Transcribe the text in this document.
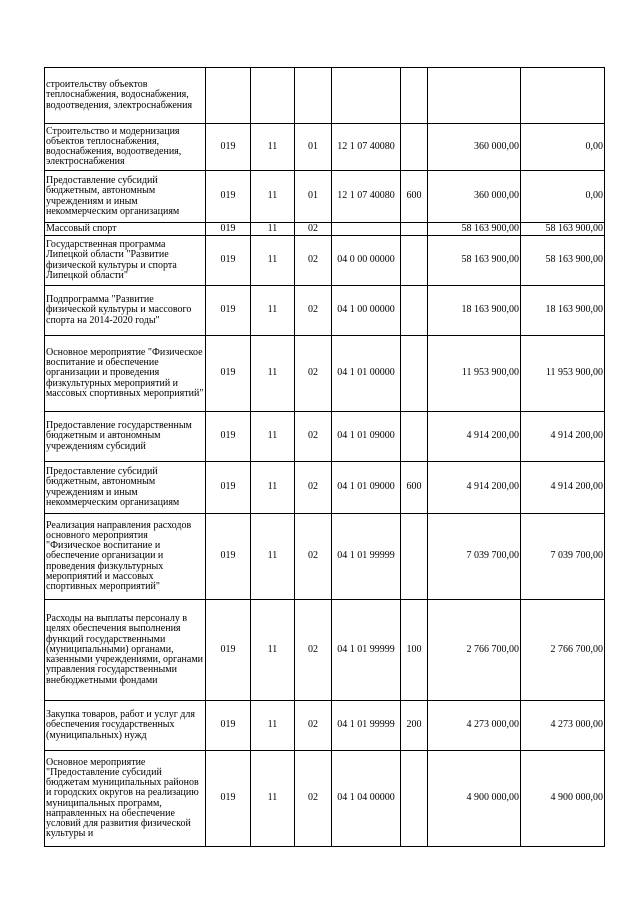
строительству объектов теплоснабжения, водоснабжения, водоотведения, электроснабжения							
Строительство и модернизация объектов теплоснабжения, водоснабжения, водоотведения, электроснабжения	019	11	01	12 1 07 40080		360 000,00	0,00
Предоставление субсидий бюджетным, автономным учреждениям и иным некоммерческим организациям	019	11	01	12 1 07 40080	600	360 000,00	0,00
Массовый спорт	019	11	02			58 163 900,00	58 163 900,00
Государственная программа Липецкой области "Развитие физической культуры и спорта Липецкой области"	019	11	02	04 0 00 00000		58 163 900,00	58 163 900,00
Подпрограмма "Развитие физической культуры и массового спорта на 2014-2020 годы"	019	11	02	04 1 00 00000		18 163 900,00	18 163 900,00
Основное мероприятие "Физическое воспитание и обеспечение организации и проведения физкультурных мероприятий и массовых спортивных мероприятий"	019	11	02	04 1 01 00000		11 953 900,00	11 953 900,00
Предоставление государственным бюджетным и автономным учреждениям субсидий	019	11	02	04 1 01 09000		4 914 200,00	4 914 200,00
Предоставление субсидий бюджетным, автономным учреждениям и иным некоммерческим организациям	019	11	02	04 1 01 09000	600	4 914 200,00	4 914 200,00
Реализация направления расходов основного мероприятия "Физическое воспитание и обеспечение организации и проведения физкультурных мероприятий и массовых спортивных мероприятий"	019	11	02	04 1 01 99999		7 039 700,00	7 039 700,00
Расходы на выплаты персоналу в целях обеспечения выполнения функций государственными (муниципальными) органами, казенными учреждениями, органами управления государственными внебюджетными фондами	019	11	02	04 1 01 99999	100	2 766 700,00	2 766 700,00
Закупка товаров, работ и услуг для обеспечения государственных (муниципальных) нужд	019	11	02	04 1 01 99999	200	4 273 000,00	4 273 000,00
Основное мероприятие "Предоставление субсидий бюджетам муниципальных районов и городских округов на реализацию муниципальных программ, направленных на обеспечение условий для развития физической культуры и	019	11	02	04 1 04 00000		4 900 000,00	4 900 000,00
